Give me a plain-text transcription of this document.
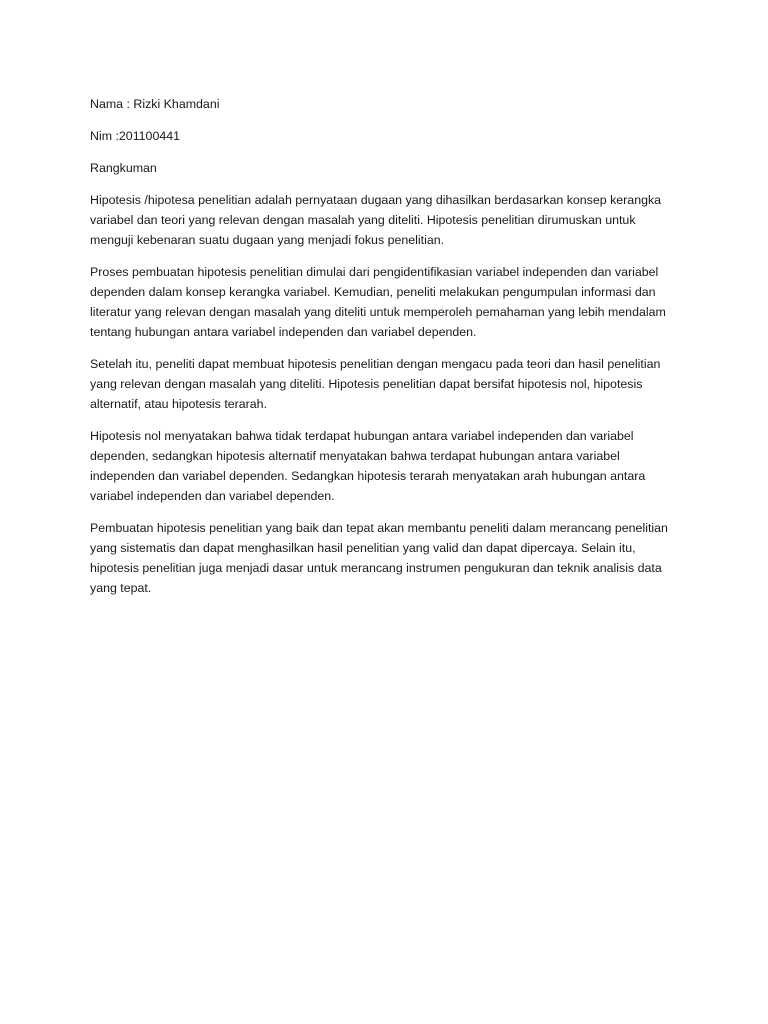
Nama : Rizki Khamdani

Nim :201100441

Rangkuman

Hipotesis /hipotesa penelitian adalah pernyataan dugaan yang dihasilkan berdasarkan konsep kerangka variabel dan teori yang relevan dengan masalah yang diteliti. Hipotesis penelitian dirumuskan untuk menguji kebenaran suatu dugaan yang menjadi fokus penelitian.

Proses pembuatan hipotesis penelitian dimulai dari pengidentifikasian variabel independen dan variabel dependen dalam konsep kerangka variabel. Kemudian, peneliti melakukan pengumpulan informasi dan literatur yang relevan dengan masalah yang diteliti untuk memperoleh pemahaman yang lebih mendalam tentang hubungan antara variabel independen dan variabel dependen.

Setelah itu, peneliti dapat membuat hipotesis penelitian dengan mengacu pada teori dan hasil penelitian yang relevan dengan masalah yang diteliti. Hipotesis penelitian dapat bersifat hipotesis nol, hipotesis alternatif, atau hipotesis terarah.

Hipotesis nol menyatakan bahwa tidak terdapat hubungan antara variabel independen dan variabel dependen, sedangkan hipotesis alternatif menyatakan bahwa terdapat hubungan antara variabel independen dan variabel dependen. Sedangkan hipotesis terarah menyatakan arah hubungan antara variabel independen dan variabel dependen.

Pembuatan hipotesis penelitian yang baik dan tepat akan membantu peneliti dalam merancang penelitian yang sistematis dan dapat menghasilkan hasil penelitian yang valid dan dapat dipercaya. Selain itu, hipotesis penelitian juga menjadi dasar untuk merancang instrumen pengukuran dan teknik analisis data yang tepat.
